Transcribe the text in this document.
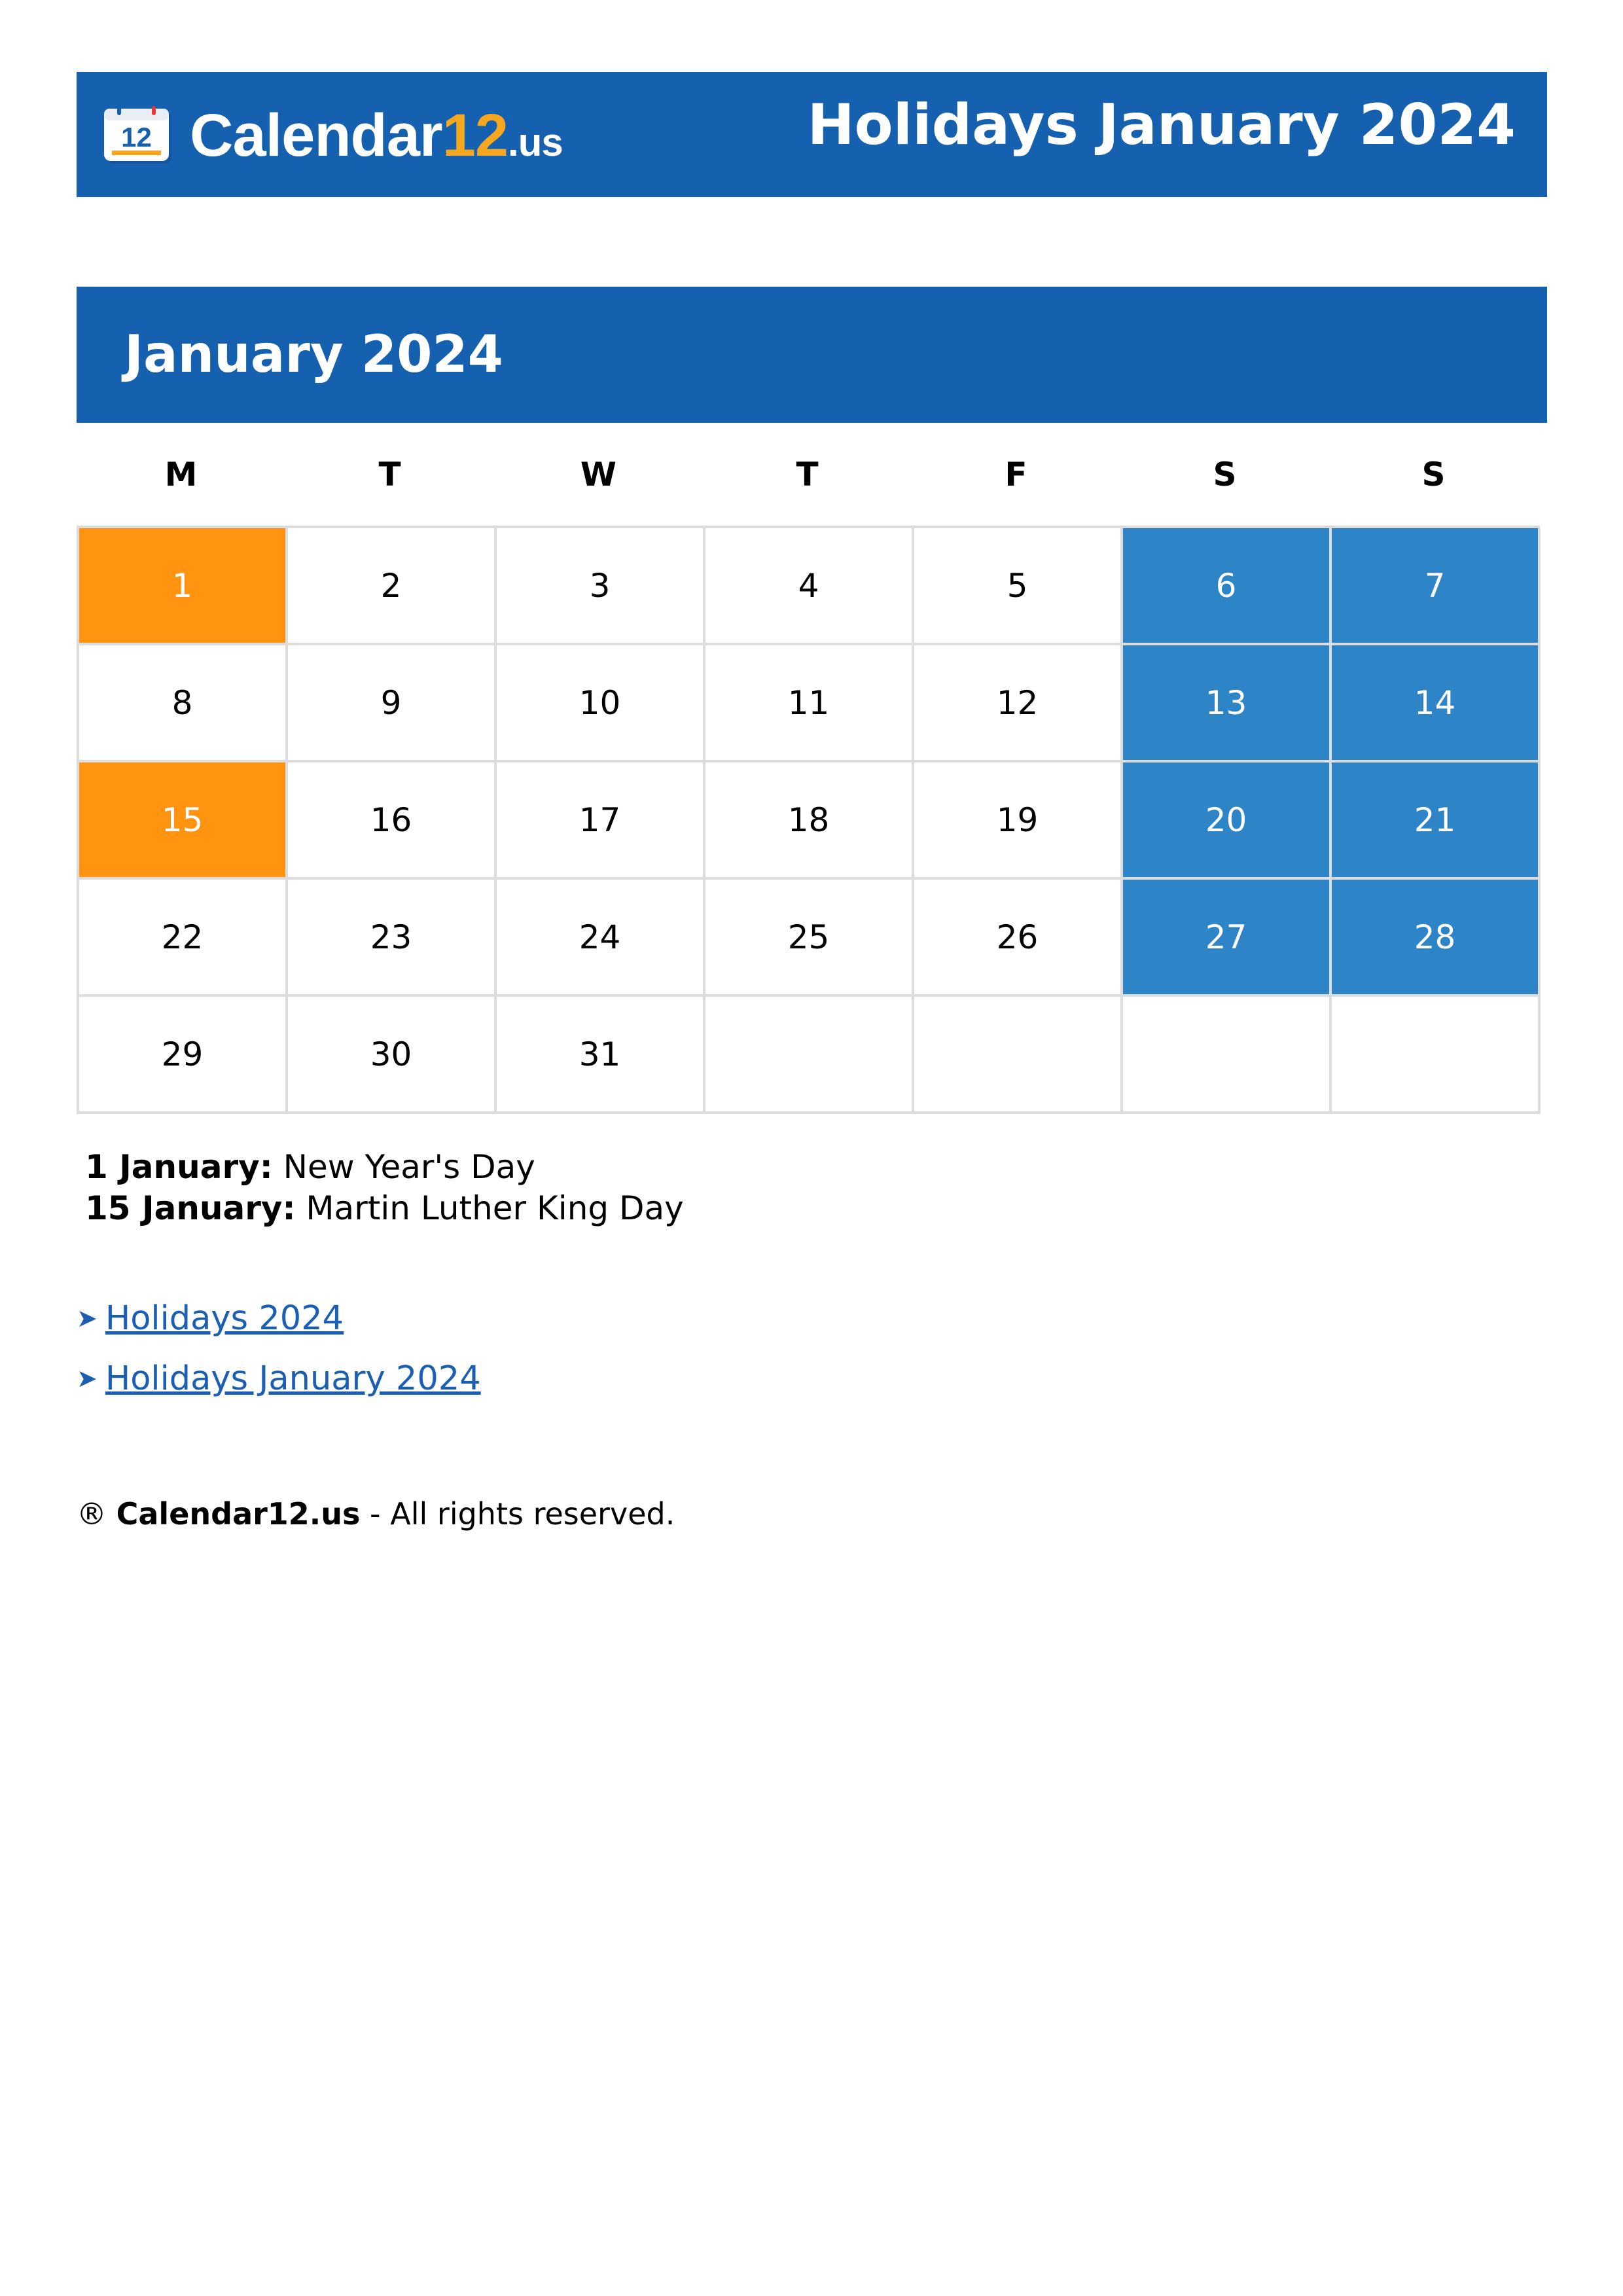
12 Calendar12.us	Holidays January 2024
January 2024
M	T	W	T	F	S	S
1	2	3	4	5	6	7
8	9	10	11	12	13	14
15	16	17	18	19	20	21
22	23	24	25	26	27	28
29	30	31
1 January: New Year's Day
15 January: Martin Luther King Day
➤ Holidays 2024
➤ Holidays January 2024
® Calendar12.us - All rights reserved.
